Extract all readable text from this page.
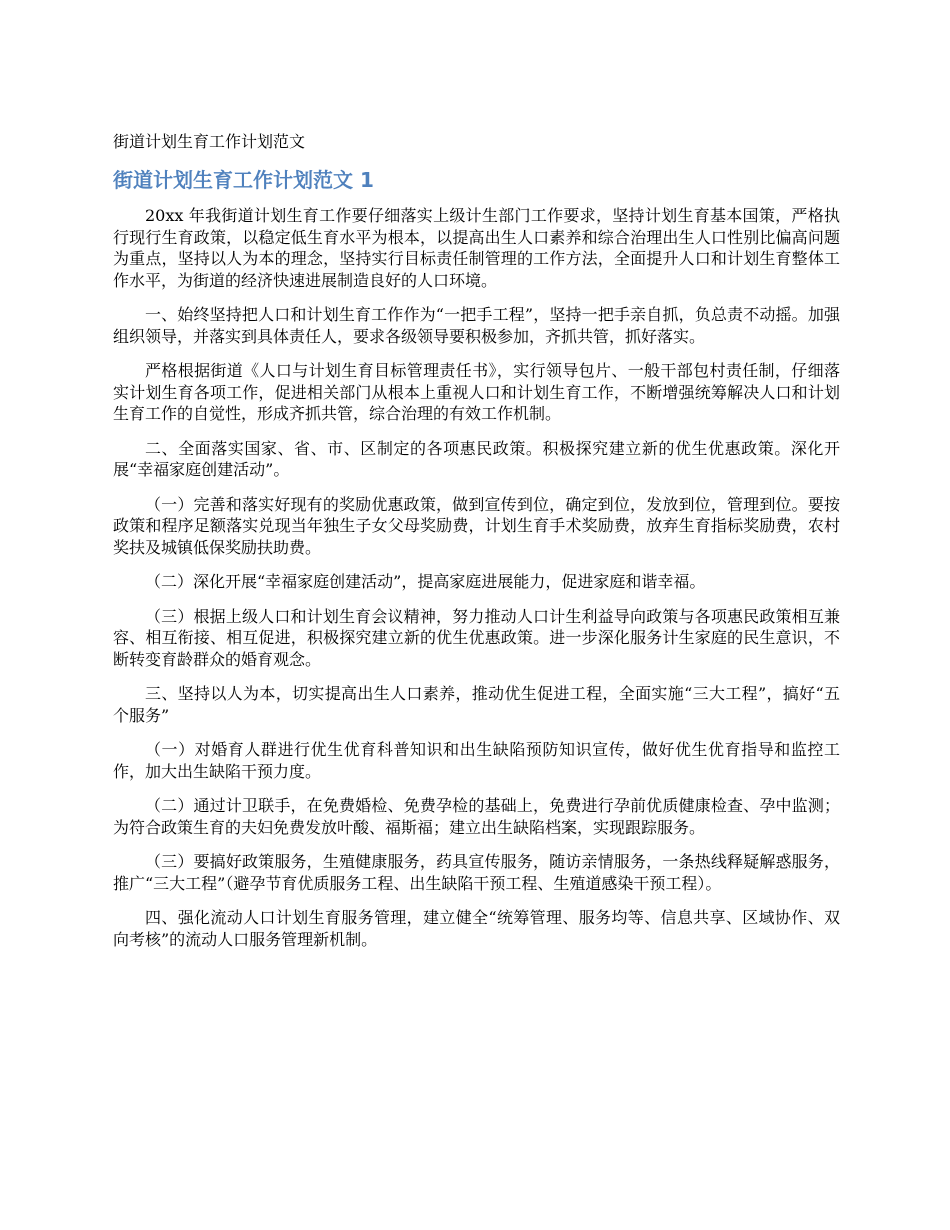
街道计划生育工作计划范文
街道计划生育工作计划范文 1

20xx 年我街道计划生育工作要仔细落实上级计生部门工作要求，坚持计划生育基本国策，严格执行现行生育政策，以稳定低生育水平为根本，以提高出生人口素养和综合治理出生人口性别比偏高问题为重点，坚持以人为本的理念，坚持实行目标责任制管理的工作方法，全面提升人口和计划生育整体工作水平，为街道的经济快速进展制造良好的人口环境。

一、始终坚持把人口和计划生育工作作为“一把手工程”，坚持一把手亲自抓，负总责不动摇。加强组织领导，并落实到具体责任人，要求各级领导要积极参加，齐抓共管，抓好落实。

严格根据街道《人口与计划生育目标管理责任书》，实行领导包片、一般干部包村责任制，仔细落实计划生育各项工作，促进相关部门从根本上重视人口和计划生育工作，不断增强统筹解决人口和计划生育工作的自觉性，形成齐抓共管，综合治理的有效工作机制。

二、全面落实国家、省、市、区制定的各项惠民政策。积极探究建立新的优生优惠政策。深化开展“幸福家庭创建活动”。

（一）完善和落实好现有的奖励优惠政策，做到宣传到位，确定到位，发放到位，管理到位。要按政策和程序足额落实兑现当年独生子女父母奖励费，计划生育手术奖励费，放弃生育指标奖励费，农村奖扶及城镇低保奖励扶助费。

（二）深化开展“幸福家庭创建活动”，提高家庭进展能力，促进家庭和谐幸福。

（三）根据上级人口和计划生育会议精神，努力推动人口计生利益导向政策与各项惠民政策相互兼容、相互衔接、相互促进，积极探究建立新的优生优惠政策。进一步深化服务计生家庭的民生意识，不断转变育龄群众的婚育观念。

三、坚持以人为本，切实提高出生人口素养，推动优生促进工程，全面实施“三大工程”，搞好“五个服务”

（一）对婚育人群进行优生优育科普知识和出生缺陷预防知识宣传，做好优生优育指导和监控工作，加大出生缺陷干预力度。

（二）通过计卫联手，在免费婚检、免费孕检的基础上，免费进行孕前优质健康检查、孕中监测；为符合政策生育的夫妇免费发放叶酸、福斯福；建立出生缺陷档案，实现跟踪服务。

（三）要搞好政策服务，生殖健康服务，药具宣传服务，随访亲情服务，一条热线释疑解惑服务，推广“三大工程”（避孕节育优质服务工程、出生缺陷干预工程、生殖道感染干预工程）。

四、强化流动人口计划生育服务管理，建立健全“统筹管理、服务均等、信息共享、区域协作、双向考核”的流动人口服务管理新机制。
